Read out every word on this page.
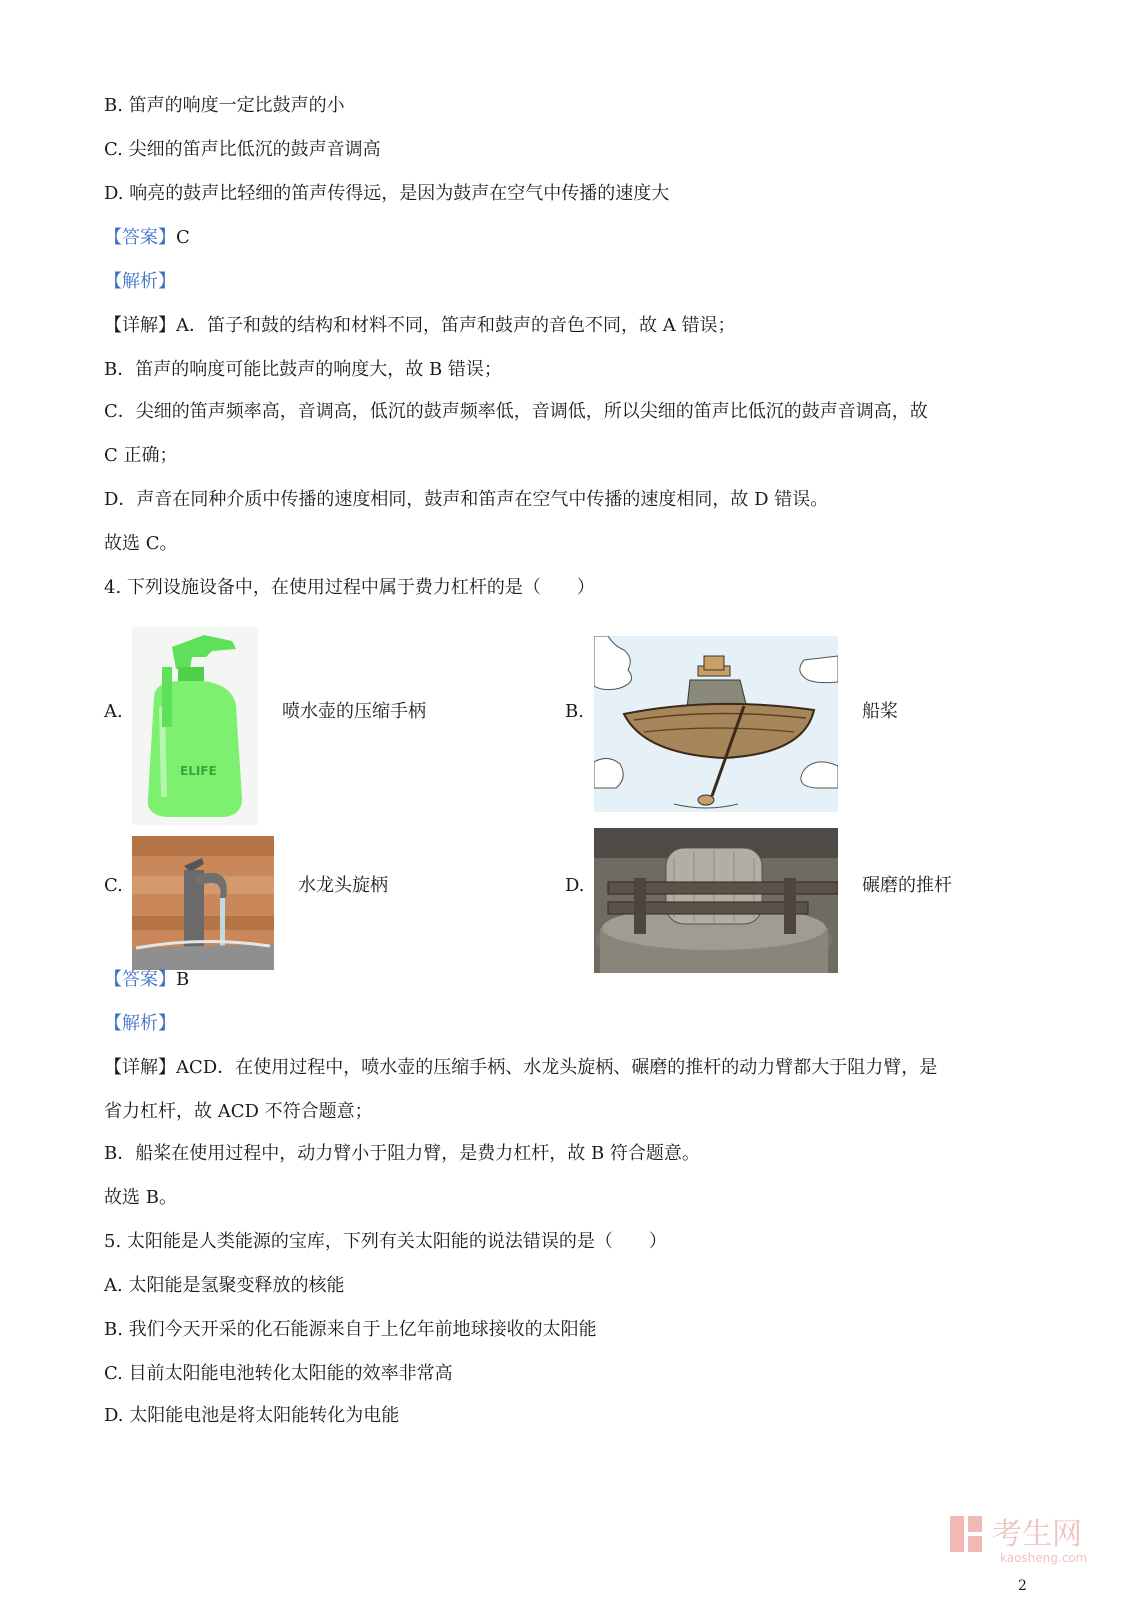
B. 笛声的响度一定比鼓声的小
C. 尖细的笛声比低沉的鼓声音调高
D. 响亮的鼓声比轻细的笛声传得远，是因为鼓声在空气中传播的速度大
【答案】C
【解析】
【详解】A．笛子和鼓的结构和材料不同，笛声和鼓声的音色不同，故 A 错误；
B．笛声的响度可能比鼓声的响度大，故 B 错误；
C．尖细的笛声频率高，音调高，低沉的鼓声频率低，音调低，所以尖细的笛声比低沉的鼓声音调高，故
C 正确；
D．声音在同种介质中传播的速度相同，鼓声和笛声在空气中传播的速度相同，故 D 错误。
故选 C。
4. 下列设施设备中，在使用过程中属于费力杠杆的是（　　）
A.
ELIFE
喷水壶的压缩手柄	B.	船桨
C.	水龙头旋柄	D.	碾磨的推杆
【答案】B
【解析】
【详解】ACD．在使用过程中，喷水壶的压缩手柄、水龙头旋柄、碾磨的推杆的动力臂都大于阻力臂，是
省力杠杆，故 ACD 不符合题意；
B．船桨在使用过程中，动力臂小于阻力臂，是费力杠杆，故 B 符合题意。
故选 B。
5. 太阳能是人类能源的宝库，下列有关太阳能的说法错误的是（　　）
A. 太阳能是氢聚变释放的核能
B. 我们今天开采的化石能源来自于上亿年前地球接收的太阳能
C. 目前太阳能电池转化太阳能的效率非常高
D. 太阳能电池是将太阳能转化为电能
考生网
kaosheng.com
2
